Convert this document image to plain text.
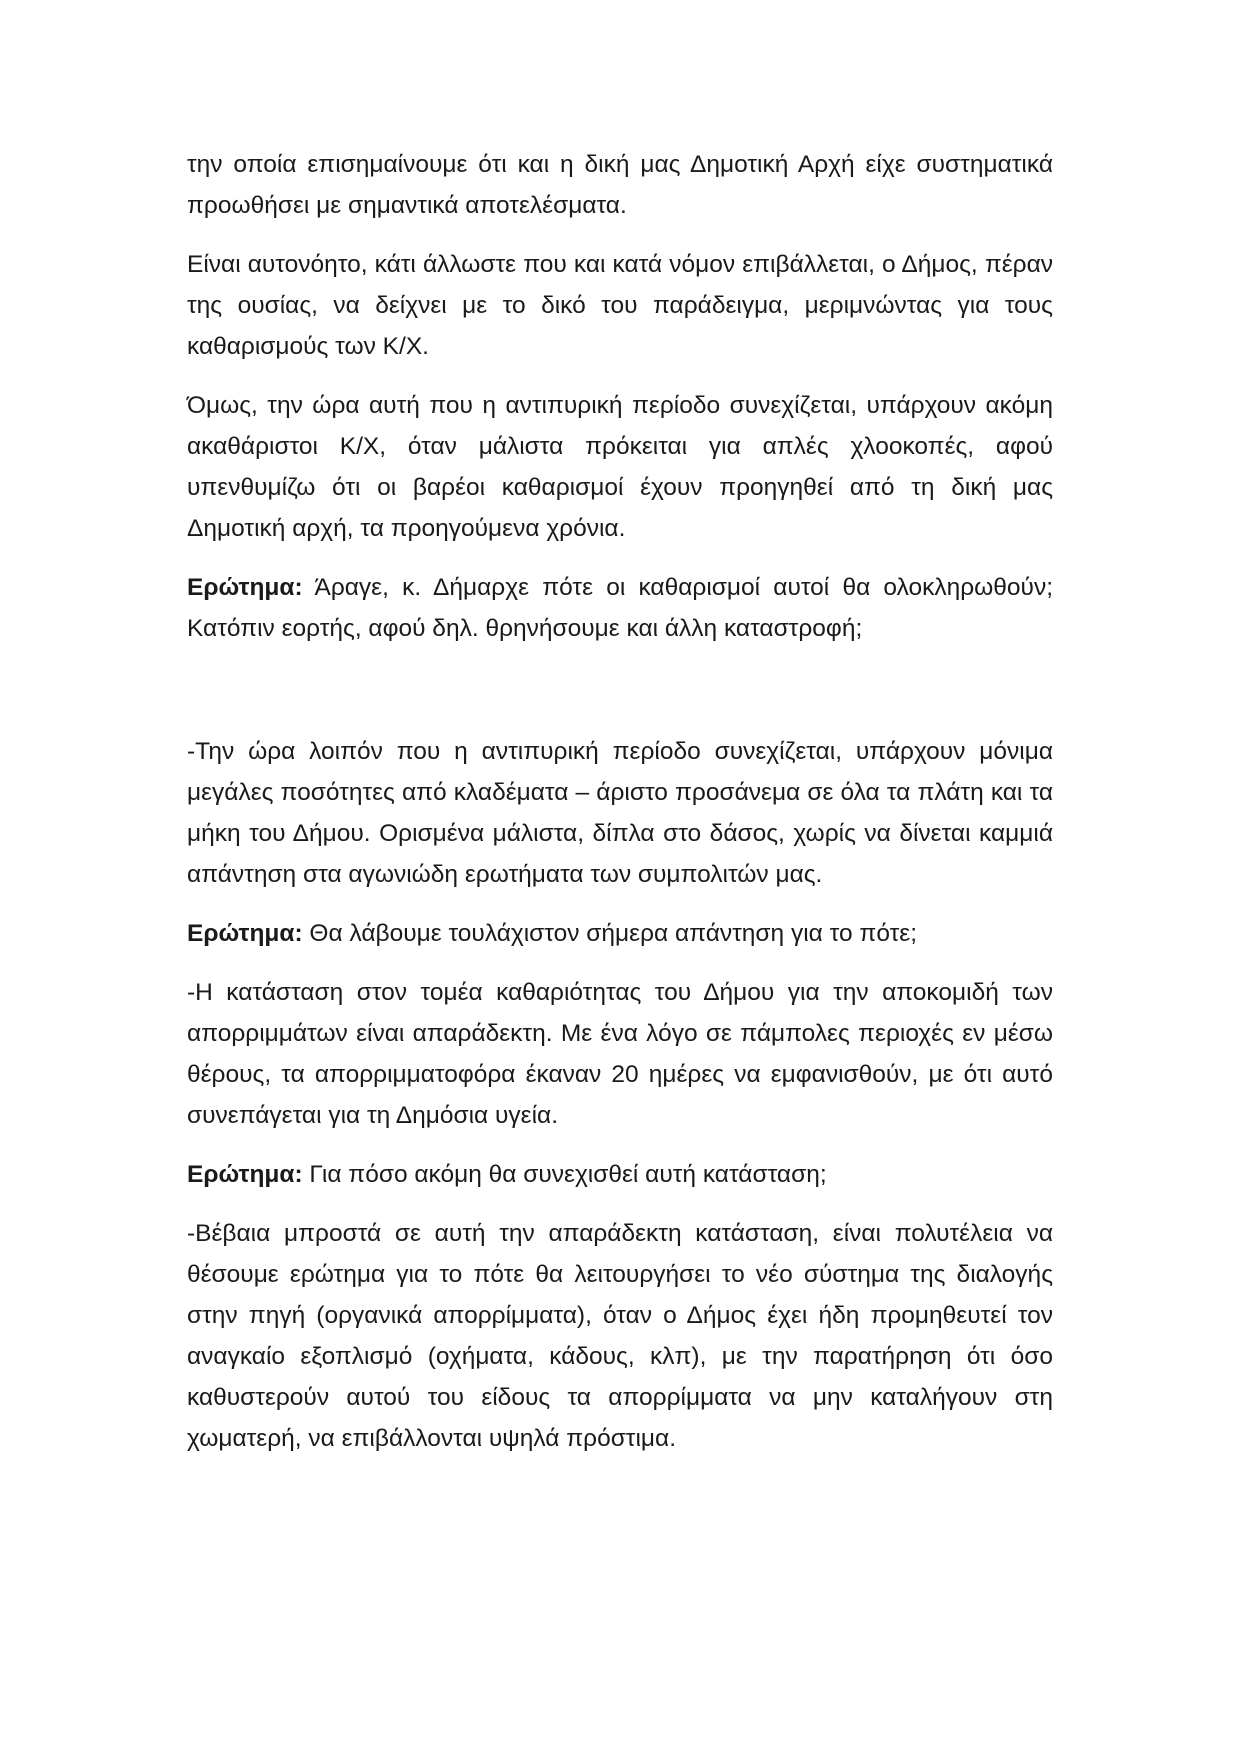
την οποία επισημαίνουμε ότι και η δική μας Δημοτική Αρχή είχε συστηματικά προωθήσει με σημαντικά αποτελέσματα.

Είναι αυτονόητο, κάτι άλλωστε που και κατά νόμον επιβάλλεται, ο Δήμος, πέραν της ουσίας, να δείχνει με το δικό του παράδειγμα, μεριμνώντας για τους καθαρισμούς των Κ/Χ.

Όμως, την ώρα αυτή που η αντιπυρική περίοδο συνεχίζεται, υπάρχουν ακόμη ακαθάριστοι Κ/Χ, όταν μάλιστα πρόκειται για απλές χλοοκοπές, αφού υπενθυμίζω ότι οι βαρέοι καθαρισμοί έχουν προηγηθεί από τη δική μας Δημοτική αρχή, τα προηγούμενα χρόνια.

Ερώτημα: Άραγε, κ. Δήμαρχε πότε οι καθαρισμοί αυτοί θα ολοκληρωθούν; Κατόπιν εορτής, αφού δηλ. θρηνήσουμε και άλλη καταστροφή;

-Την ώρα λοιπόν που η αντιπυρική περίοδο συνεχίζεται, υπάρχουν μόνιμα μεγάλες ποσότητες από κλαδέματα – άριστο προσάνεμα σε όλα τα πλάτη και τα μήκη του Δήμου. Ορισμένα μάλιστα, δίπλα στο δάσος, χωρίς να δίνεται καμμιά απάντηση στα αγωνιώδη ερωτήματα των συμπολιτών μας.

Ερώτημα: Θα λάβουμε τουλάχιστον σήμερα απάντηση για το πότε;

-Η κατάσταση στον τομέα καθαριότητας του Δήμου για την αποκομιδή των απορριμμάτων είναι απαράδεκτη. Με ένα λόγο σε πάμπολες περιοχές εν μέσω θέρους, τα απορριμματοφόρα έκαναν 20 ημέρες να εμφανισθούν, με ότι αυτό συνεπάγεται για τη Δημόσια υγεία.

Ερώτημα: Για πόσο ακόμη θα συνεχισθεί αυτή κατάσταση;

-Βέβαια μπροστά σε αυτή την απαράδεκτη κατάσταση, είναι πολυτέλεια να θέσουμε ερώτημα για το πότε θα λειτουργήσει το νέο σύστημα της διαλογής στην πηγή (οργανικά απορρίμματα), όταν ο Δήμος έχει ήδη προμηθευτεί τον αναγκαίο εξοπλισμό (οχήματα, κάδους, κλπ), με την παρατήρηση ότι όσο καθυστερούν αυτού του είδους τα απορρίμματα να μην καταλήγουν στη χωματερή, να επιβάλλονται υψηλά πρόστιμα.
